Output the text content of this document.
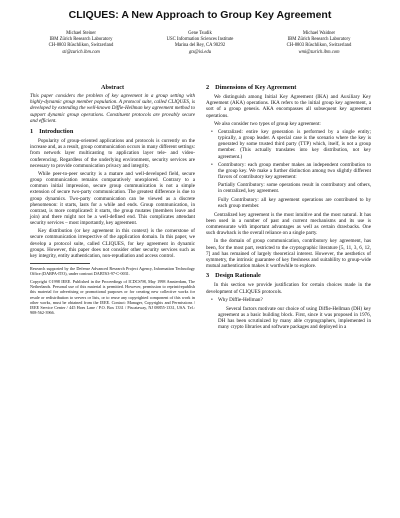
CLIQUES: A New Approach to Group Key Agreement
Michael Steiner
IBM Zürich Research Laboratory
CH-8803 Rüschlikon, Switzerland
sti@zurich.ibm.com
Gene Tsudik
USC Information Sciences Institute
Marina del Rey, CA 90292
gts@isi.edu
Michael Waidner
IBM Zürich Research Laboratory
CH-8803 Rüschlikon, Switzerland
wmi@zurich.ibm.com
Abstract
This paper considers the problem of key agreement in a group setting with highly-dynamic group member population. A protocol suite, called CLIQUES, is developed by extending the well-known Diffie-Hellman key agreement method to support dynamic group operations. Constituent protocols are provably secure and efficient.
1 Introduction

Popularity of group-oriented applications and protocols is currently on the increase and, as a result, group communication occurs in many different settings: from network layer multicasting to application layer tele- and video-conferencing. Regardless of the underlying environment, security services are necessary to provide communication privacy and integrity.

While peer-to-peer security is a mature and well-developed field, secure group communication remains comparatively unexplored. Contrary to a common initial impression, secure group communication is not a simple extension of secure two-party communication. The greatest difference is due to group dynamics. Two-party communication can be viewed as a discrete phenomenon: it starts, lasts for a while and ends. Group communication, in contrast, is more complicated: it starts, the group mutates (members leave and join) and there might not be a well-defined end. This complicates attendant security services – most importantly, key agreement.

Key distribution (or key agreement in this context) is the cornerstone of secure communication irrespective of the application domain. In this paper, we develop a protocol suite, called CLIQUES, for key agreement in dynamic groups. However, this paper does not consider other security services such as key integrity, entity authentication, non-repudiation and access control.

Research supported by the Defense Advanced Research Project Agency, Information Technology Office (DARPA-ITO), under contract DABT63-97-C-0031.

Copyright ©1998 IEEE. Published in the Proceedings of ICDCS'98, May 1998 Amsterdam, The Netherlands. Personal use of this material is permitted. However, permission to reprint/republish this material for advertising or promotional purposes or for creating new collective works for resale or redistribution to servers or lists, or to reuse any copyrighted component of this work in other works, must be obtained from the IEEE. Contact: Manager, Copyrights and Permissions / IEEE Service Center / 445 Hoes Lane / P.O. Box 1331 / Piscataway, NJ 08855-1331, USA. Tel.: 908-562-3966.

2 Dimensions of Key Agreement

We distinguish among Initial Key Agreement (IKA) and Auxiliary Key Agreement (AKA) operations. IKA refers to the initial group key agreement, a sort of a group genesis. AKA encompasses all subsequent key agreement operations.

We also consider two types of group key agreement:

• Centralized: entire key generation is performed by a single entity; typically, a group leader. A special case is the scenario where the key is generated by some trusted third party (TTP) which, itself, is not a group member. (This actually translates into key distribution, not key agreement.)
• Contributory: each group member makes an independent contribution to the group key. We make a further distinction among two slightly different flavors of contributory key agreement:
Partially Contributory: some operations result in contributory and others, in centralized, key agreement.
Fully Contributory: all key agreement operations are contributed to by each group member.

Centralized key agreement is the most intuitive and the most natural. It has been used in a number of past and current mechanisms and its use is commensurate with important advantages as well as certain drawbacks. One such drawback is the overall reliance on a single party.

In the domain of group communication, contributory key agreement, has been, for the most part, restricted to the cryptographic literature [5, 11, 3, 6, 12, 7] and has remained of largely theoretical interest. However, the aesthetics of symmetry, the intrinsic guarantee of key freshness and suitability to group-wide mutual authentication makes it worthwhile to explore.

3 Design Rationale

In this section we provide justification for certain choices made in the development of CLIQUES protocols.

• Why Diffie-Hellman?

Several factors motivate our choice of using Diffie-Hellman (DH) key agreement as a basic building block. First, since it was proposed in 1976, DH has been scrutinized by many able cryptographers, implemented in many crypto libraries and software packages and deployed in a
